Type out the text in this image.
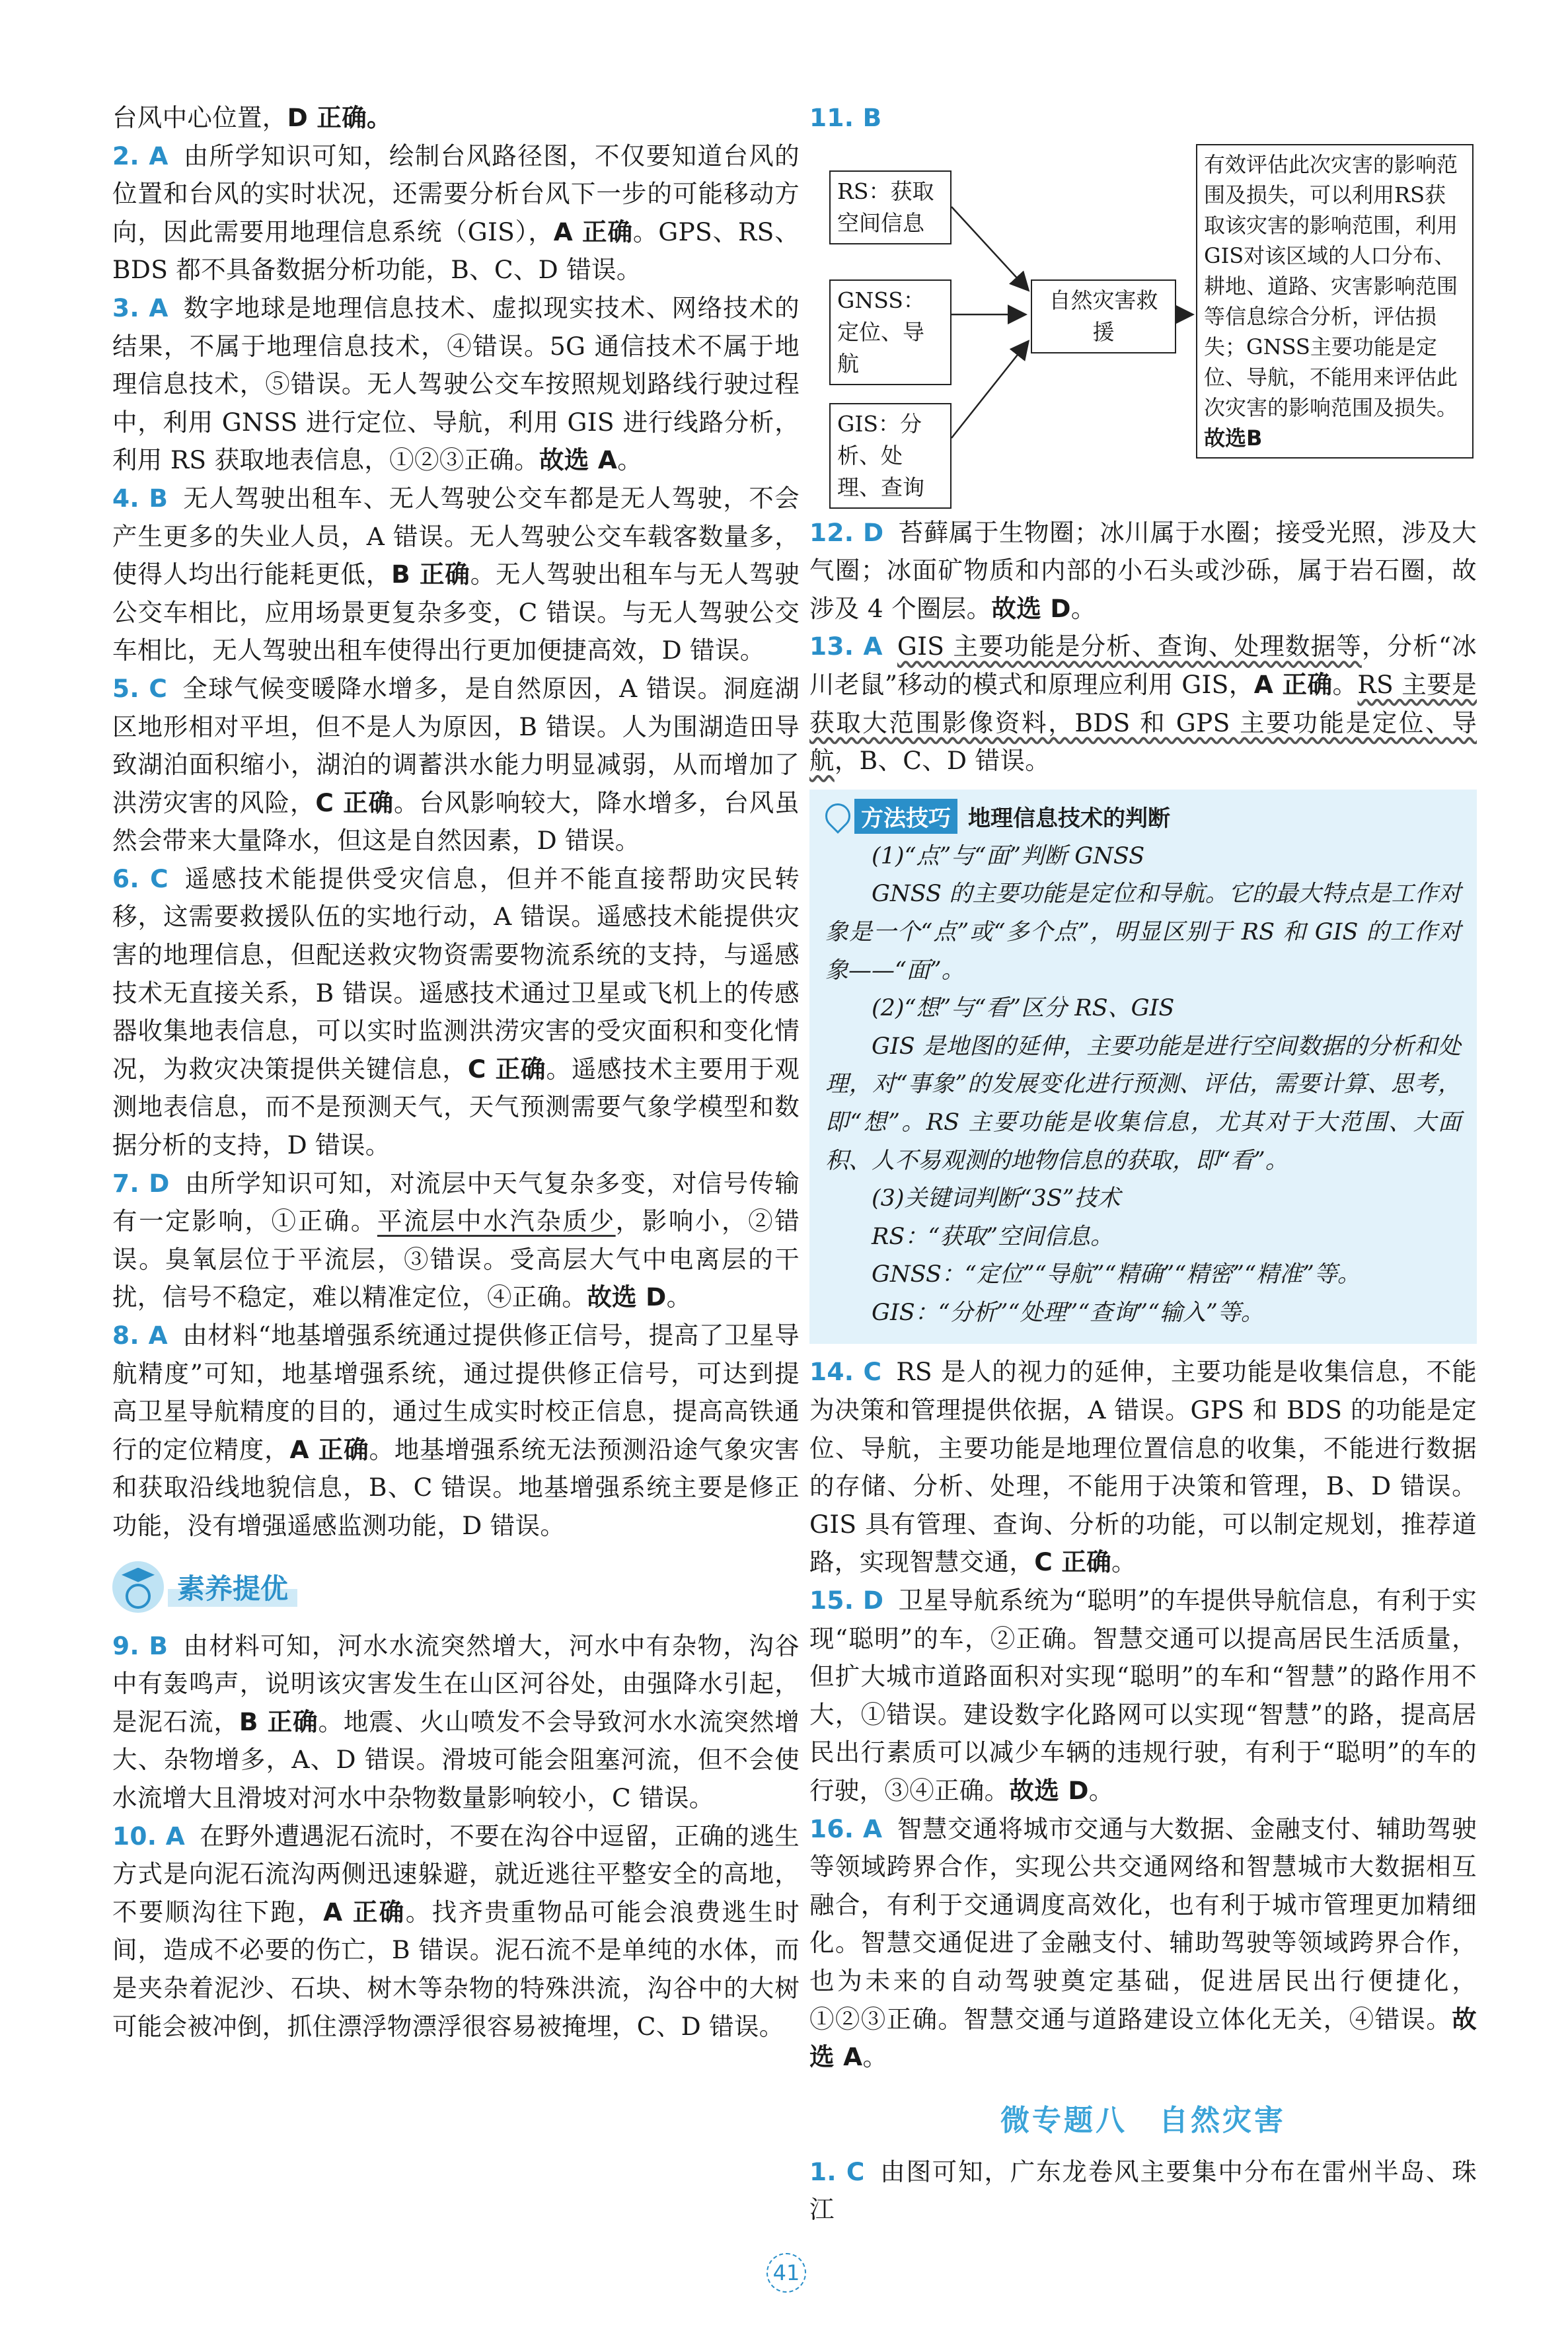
台风中心位置，D 正确。

2. A 由所学知识可知，绘制台风路径图，不仅要知道台风的位置和台风的实时状况，还需要分析台风下一步的可能移动方向，因此需要用地理信息系统（GIS），A 正确。GPS、RS、BDS 都不具备数据分析功能，B、C、D 错误。

3. A 数字地球是地理信息技术、虚拟现实技术、网络技术的结果，不属于地理信息技术，④错误。5G 通信技术不属于地理信息技术，⑤错误。无人驾驶公交车按照规划路线行驶过程中，利用 GNSS 进行定位、导航，利用 GIS 进行线路分析，利用 RS 获取地表信息，①②③正确。故选 A。

4. B 无人驾驶出租车、无人驾驶公交车都是无人驾驶，不会产生更多的失业人员，A 错误。无人驾驶公交车载客数量多，使得人均出行能耗更低，B 正确。无人驾驶出租车与无人驾驶公交车相比，应用场景更复杂多变，C 错误。与无人驾驶公交车相比，无人驾驶出租车使得出行更加便捷高效，D 错误。

5. C 全球气候变暖降水增多，是自然原因，A 错误。洞庭湖区地形相对平坦，但不是人为原因，B 错误。人为围湖造田导致湖泊面积缩小，湖泊的调蓄洪水能力明显减弱，从而增加了洪涝灾害的风险，C 正确。台风影响较大，降水增多，台风虽然会带来大量降水，但这是自然因素，D 错误。

6. C 遥感技术能提供受灾信息，但并不能直接帮助灾民转移，这需要救援队伍的实地行动，A 错误。遥感技术能提供灾害的地理信息，但配送救灾物资需要物流系统的支持，与遥感技术无直接关系，B 错误。遥感技术通过卫星或飞机上的传感器收集地表信息，可以实时监测洪涝灾害的受灾面积和变化情况，为救灾决策提供关键信息，C 正确。遥感技术主要用于观测地表信息，而不是预测天气，天气预测需要气象学模型和数据分析的支持，D 错误。

7. D 由所学知识可知，对流层中天气复杂多变，对信号传输有一定影响，①正确。平流层中水汽杂质少，影响小，②错误。臭氧层位于平流层，③错误。受高层大气中电离层的干扰，信号不稳定，难以精准定位，④正确。故选 D。

8. A 由材料“地基增强系统通过提供修正信号，提高了卫星导航精度”可知，地基增强系统，通过提供修正信号，可达到提高卫星导航精度的目的，通过生成实时校正信息，提高高铁通行的定位精度，A 正确。地基增强系统无法预测沿途气象灾害和获取沿线地貌信息，B、C 错误。地基增强系统主要是修正功能，没有增强遥感监测功能，D 错误。

素养提优

9. B 由材料可知，河水水流突然增大，河水中有杂物，沟谷中有轰鸣声，说明该灾害发生在山区河谷处，由强降水引起，是泥石流，B 正确。地震、火山喷发不会导致河水水流突然增大、杂物增多，A、D 错误。滑坡可能会阻塞河流，但不会使水流增大且滑坡对河水中杂物数量影响较小，C 错误。

10. A 在野外遭遇泥石流时，不要在沟谷中逗留，正确的逃生方式是向泥石流沟两侧迅速躲避，就近逃往平整安全的高地，不要顺沟往下跑，A 正确。找齐贵重物品可能会浪费逃生时间，造成不必要的伤亡，B 错误。泥石流不是单纯的水体，而是夹杂着泥沙、石块、树木等杂物的特殊洪流，沟谷中的大树可能会被冲倒，抓住漂浮物漂浮很容易被掩埋，C、D 错误。

11. B

RS：获取空间信息
GNSS：定位、导航
GIS：分析、处理、查询
自然灾害救援
有效评估此次灾害的影响范围及损失，可以利用RS获取该灾害的影响范围，利用GIS对该区域的人口分布、耕地、道路、灾害影响范围等信息综合分析，评估损失；GNSS主要功能是定位、导航，不能用来评估此次灾害的影响范围及损失。故选B

12. D 苔藓属于生物圈；冰川属于水圈；接受光照，涉及大气圈；冰面矿物质和内部的小石头或沙砾，属于岩石圈，故涉及 4 个圈层。故选 D。

13. A GIS 主要功能是分析、查询、处理数据等，分析“冰川老鼠”移动的模式和原理应利用 GIS，A 正确。RS 主要是获取大范围影像资料，BDS 和 GPS 主要功能是定位、导航，B、C、D 错误。

方法技巧 地理信息技术的判断

(1)“点”与“面”判断 GNSS

GNSS 的主要功能是定位和导航。它的最大特点是工作对象是一个“点”或“多个点”，明显区别于 RS 和 GIS 的工作对象——“面”。

(2)“想”与“看”区分 RS、GIS

GIS 是地图的延伸，主要功能是进行空间数据的分析和处理，对“事象”的发展变化进行预测、评估，需要计算、思考，即“想”。RS 主要功能是收集信息，尤其对于大范围、大面积、人不易观测的地物信息的获取，即“看”。

(3)关键词判断“3S”技术

RS：“获取”空间信息。

GNSS：“定位”“导航”“精确”“精密”“精准”等。

GIS：“分析”“处理”“查询”“输入”等。

14. C RS 是人的视力的延伸，主要功能是收集信息，不能为决策和管理提供依据，A 错误。GPS 和 BDS 的功能是定位、导航，主要功能是地理位置信息的收集，不能进行数据的存储、分析、处理，不能用于决策和管理，B、D 错误。GIS 具有管理、查询、分析的功能，可以制定规划，推荐道路，实现智慧交通，C 正确。

15. D 卫星导航系统为“聪明”的车提供导航信息，有利于实现“聪明”的车，②正确。智慧交通可以提高居民生活质量，但扩大城市道路面积对实现“聪明”的车和“智慧”的路作用不大，①错误。建设数字化路网可以实现“智慧”的路，提高居民出行素质可以减少车辆的违规行驶，有利于“聪明”的车的行驶，③④正确。故选 D。

16. A 智慧交通将城市交通与大数据、金融支付、辅助驾驶等领域跨界合作，实现公共交通网络和智慧城市大数据相互融合，有利于交通调度高效化，也有利于城市管理更加精细化。智慧交通促进了金融支付、辅助驾驶等领域跨界合作，也为未来的自动驾驶奠定基础，促进居民出行便捷化，①②③正确。智慧交通与道路建设立体化无关，④错误。故选 A。

微专题八　自然灾害

1. C 由图可知，广东龙卷风主要集中分布在雷州半岛、珠江

41
